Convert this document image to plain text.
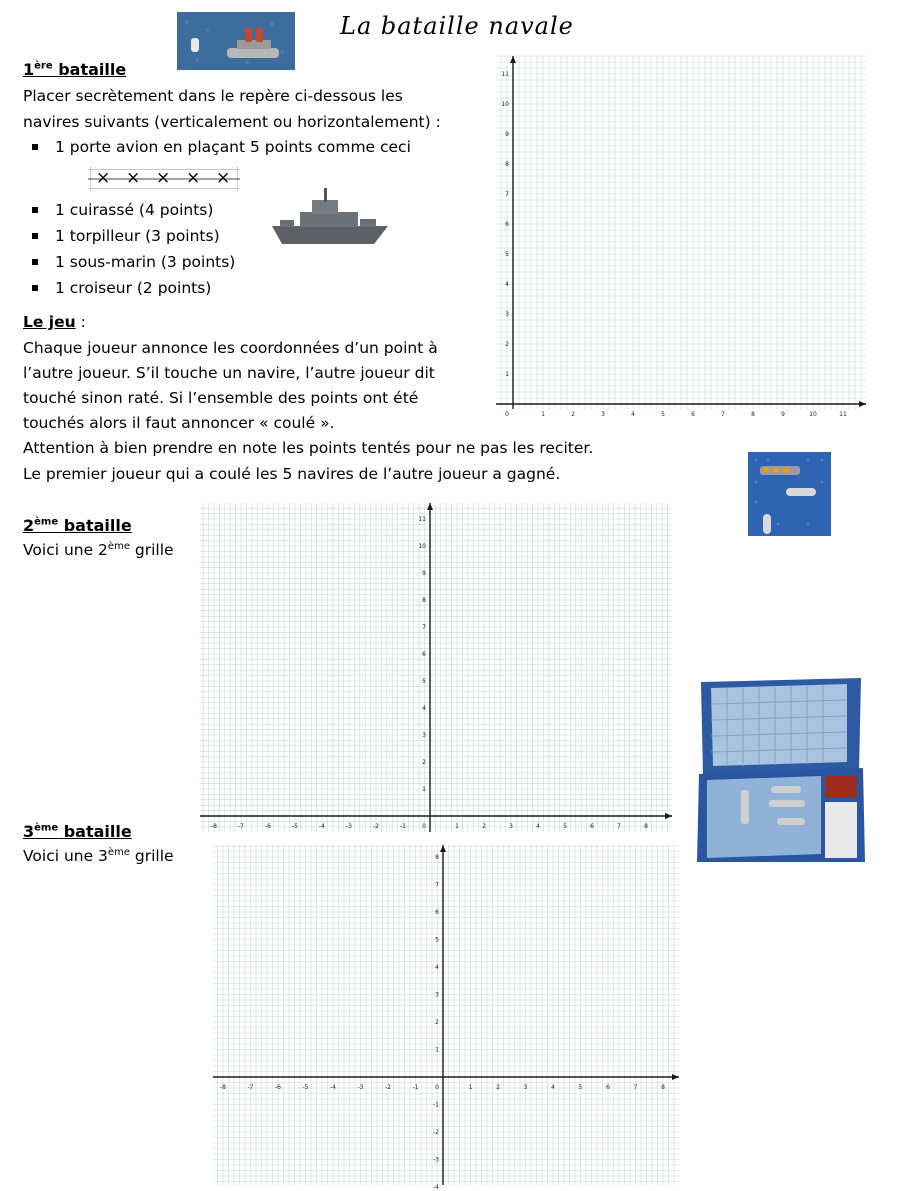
La bataille navale
1ère bataille
Placer secrètement dans le repère ci-dessous les
navires suivants (verticalement ou horizontalement) :
1 porte avion en plaçant 5 points comme ceci
× × × × ×
1 cuirassé (4 points)
1 torpilleur (3 points)
1 sous-marin (3 points)
1 croiseur (2 points)
Le jeu :
Chaque joueur annonce les coordonnées d’un point à
l’autre joueur. S’il touche un navire, l’autre joueur dit
touché sinon raté. Si l’ensemble des points ont été
touchés alors il faut annoncer « coulé ».
Attention à bien prendre en note les points tentés pour ne pas les reciter.
Le premier joueur qui a coulé les 5 navires de l’autre joueur a gagné.
0	1	2	3	4	5	6	7	8	9	10	11
1
2
3
4
5
6
7
8
9
10
11
2ème bataille
Voici une 2ème grille
-8	-7	-6	-5	-4	-3	-2	-1	0	1	2	3	4	5	6	7	8
1
2
3
4
5
6
7
8
9
10
11
3ème bataille
Voici une 3ème grille
-8	-7	-6	-5	-4	-3	-2	-1	0	1	2	3	4	5	6	7	8
8
7
6
5
4
3
2
1
-1
-2
-3
-4
